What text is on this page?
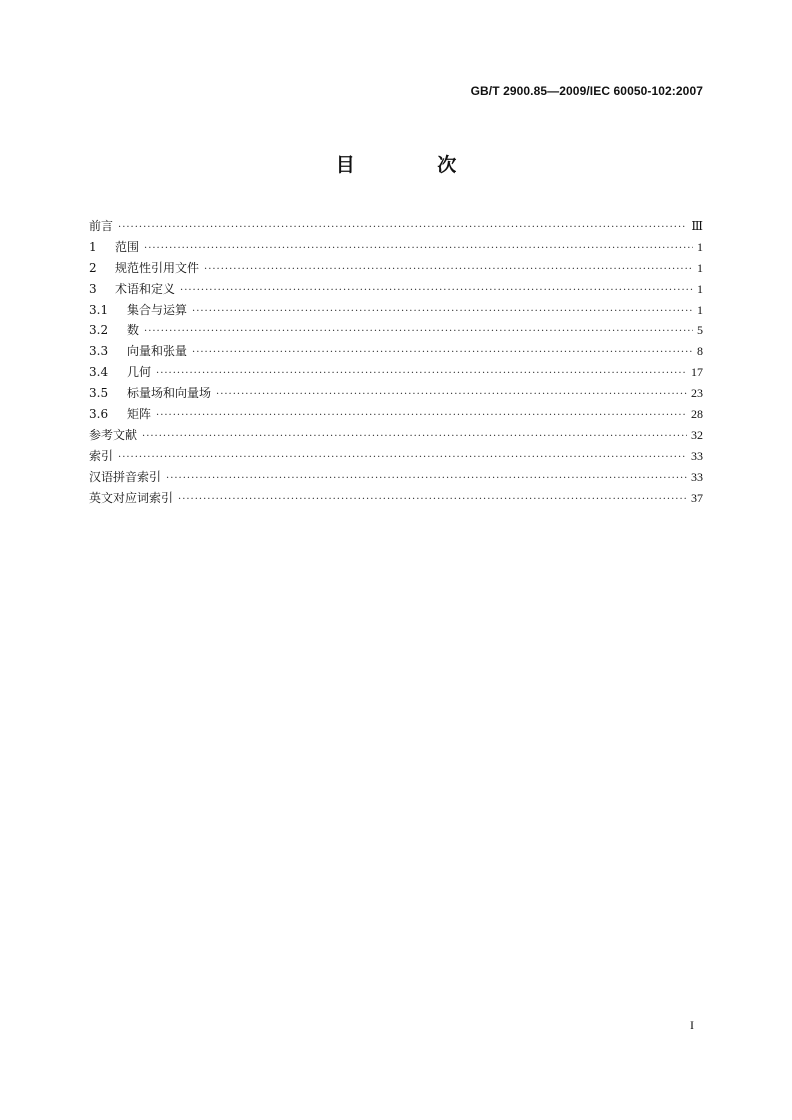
GB/T 2900.85—2009/IEC 60050-102:2007
目 次
前言 ·····	Ⅲ
1	范围 ·····	1
2	规范性引用文件 ·····	1
3	术语和定义 ·····	1
3.1	集合与运算 ·····	1
3.2	数 ·····	5
3.3	向量和张量 ·····	8
3.4	几何 ·····	17
3.5	标量场和向量场 ·····	23
3.6	矩阵 ·····	28
参考文献 ·····	32
索引 ·····	33
汉语拼音索引 ·····	33
英文对应词索引 ·····	37
I
